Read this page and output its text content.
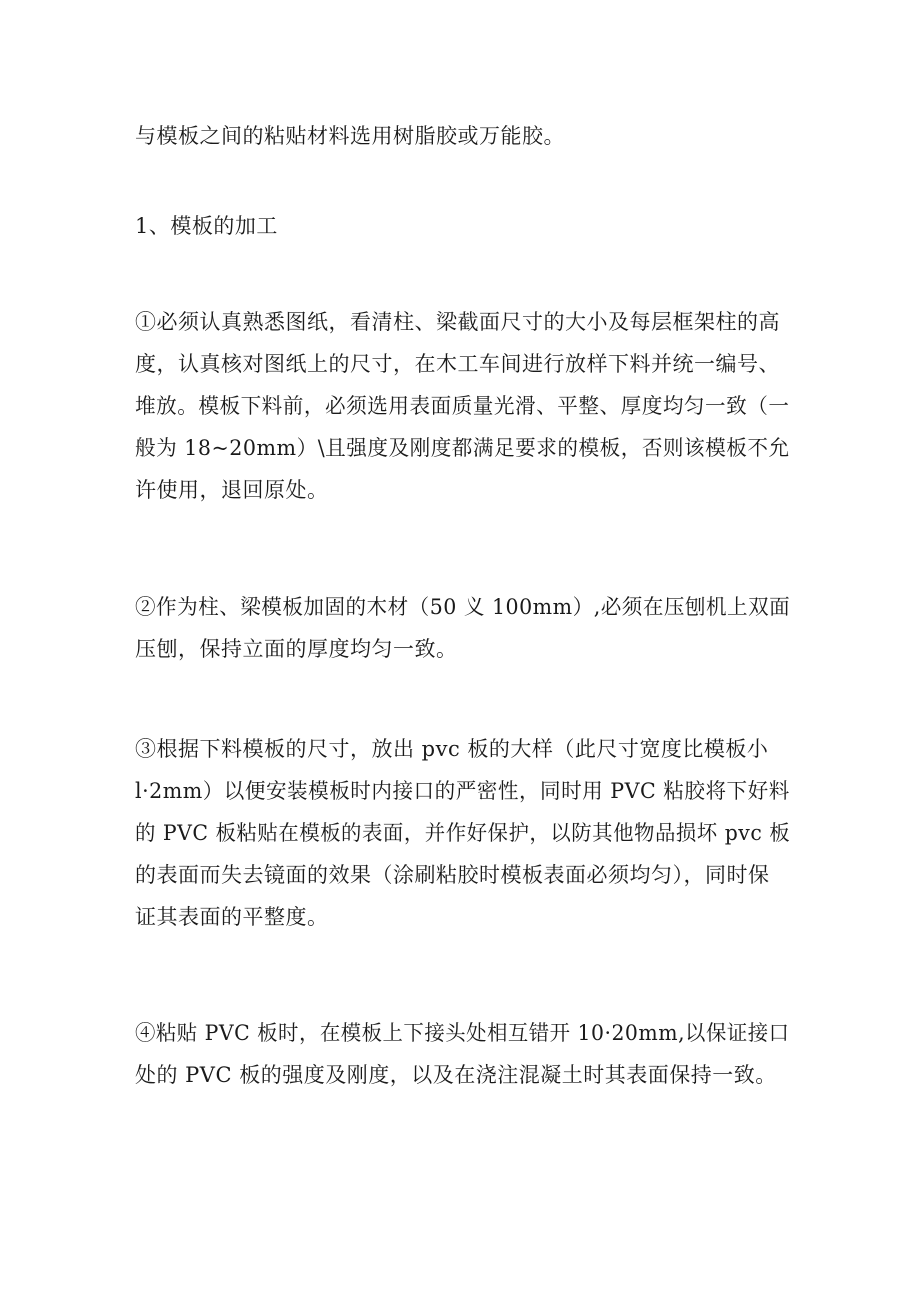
与模板之间的粘贴材料选用树脂胶或万能胶。

1、模板的加工

①必须认真熟悉图纸，看清柱、梁截面尺寸的大小及每层框架柱的高
度，认真核对图纸上的尺寸，在木工车间进行放样下料并统一编号、
堆放。模板下料前，必须选用表面质量光滑、平整、厚度均匀一致（一
般为 18~20mm）\且强度及刚度都满足要求的模板，否则该模板不允

许使用，退回原处。

②作为柱、梁模板加固的木材（50 义 100mm）,必须在压刨机上双面

压刨，保持立面的厚度均匀一致。

③根据下料模板的尺寸，放出 pvc 板的大样（此尺寸宽度比模板小
l·2mm）以便安装模板时内接口的严密性，同时用 PVC 粘胶将下好料
的 PVC 板粘贴在模板的表面，并作好保护，以防其他物品损坏 pvc 板

的表面而失去镜面的效果（涂刷粘胶时模板表面必须均匀），同时保
证其表面的平整度。

④粘贴 PVC 板时，在模板上下接头处相互错开 10·20mm,以保证接口

处的 PVC 板的强度及刚度，以及在浇注混凝土时其表面保持一致。
